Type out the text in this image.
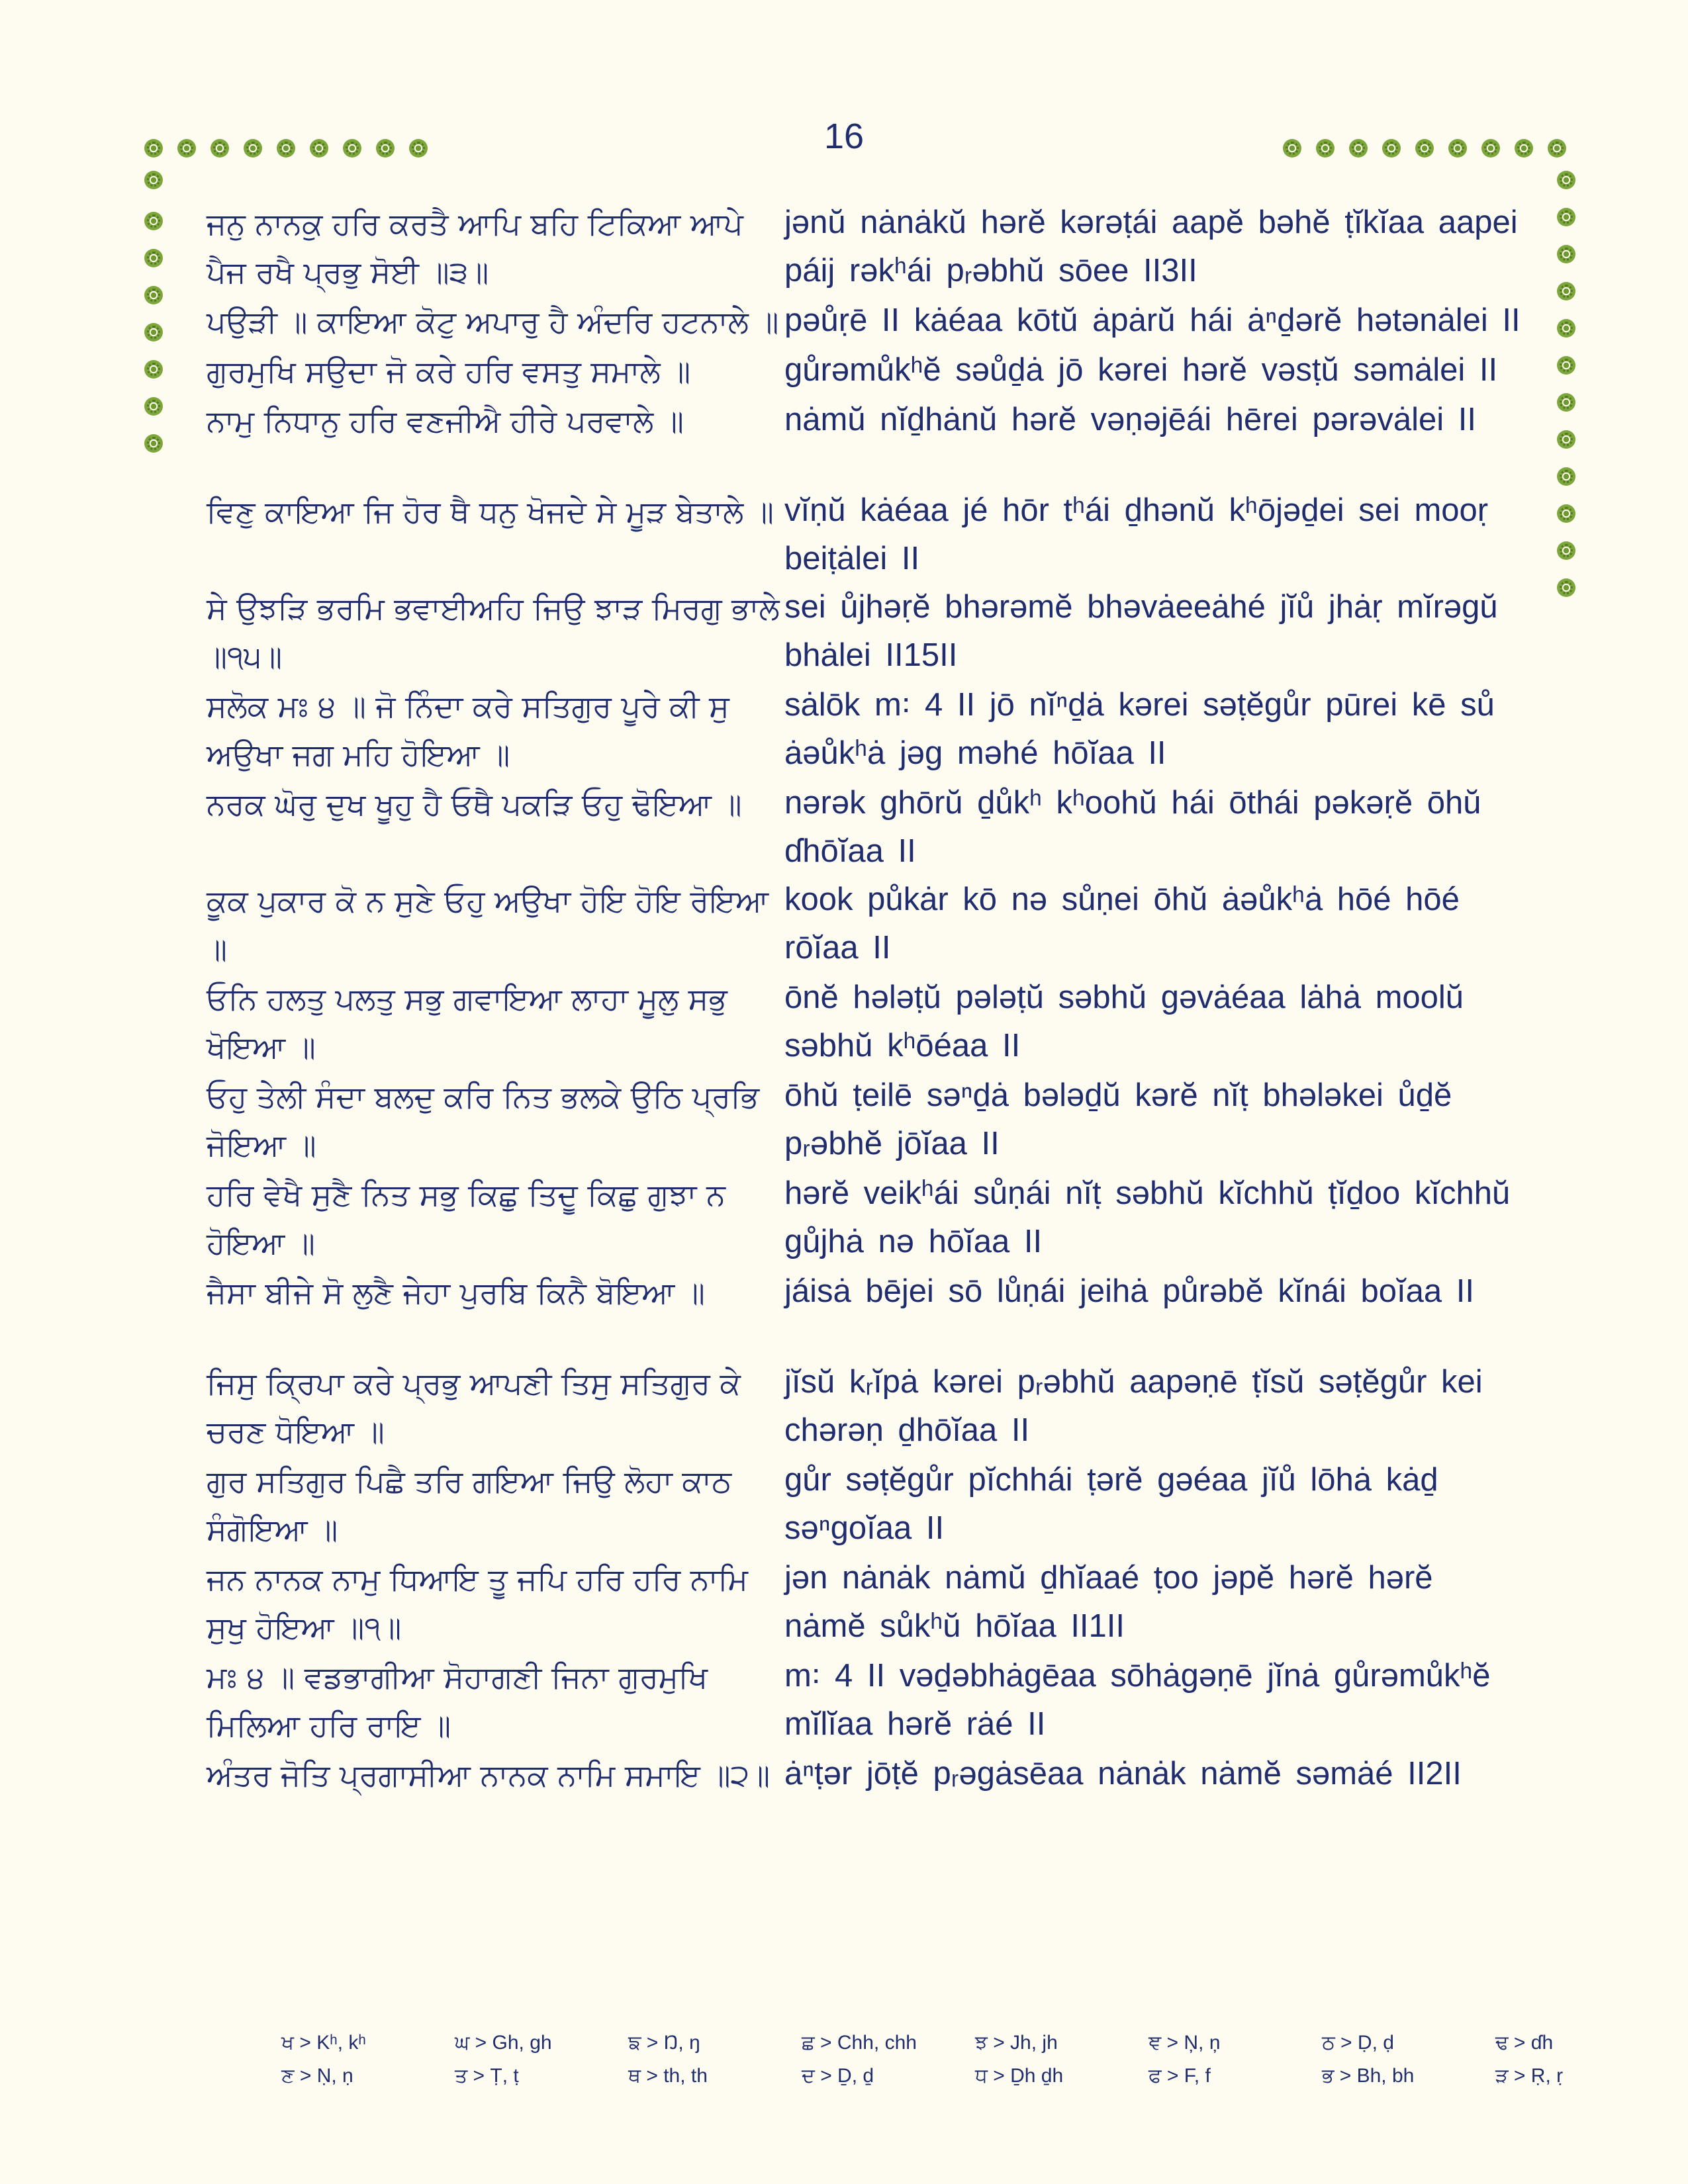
16
ਜਨੁ ਨਾਨਕੁ ਹਰਿ ਕਰਤੈ ਆਪਿ ਬਹਿ ਟਿਕਿਆ ਆਪੇ ਪੈਜ ਰਖੈ ਪ੍ਰਭੁ ਸੋਈ ॥੩॥
jənŭ nȧnȧkŭ hərĕ kərəṭái aapĕ bəhĕ ṭĭkĭaa aapei páij rəkʰái pᵣəbhŭ sōee II3II
ਪਉੜੀ ॥ ਕਾਇਆ ਕੋਟੁ ਅਪਾਰੁ ਹੈ ਅੰਦਰਿ ਹਟਨਾਲੇ ॥ pəůṛē II kȧéaa kōtŭ ȧpȧrŭ hái ȧⁿḏərĕ hətənȧlei II
ਗੁਰਮੁਖਿ ਸਉਦਾ ਜੋ ਕਰੇ ਹਰਿ ਵਸਤੁ ਸਮਾਲੇ ॥	gůrəmůkʰĕ səůḏȧ jō kərei hərĕ vəsṭŭ səmȧlei II
ਨਾਮੁ ਨਿਧਾਨੁ ਹਰਿ ਵਣਜੀਐ ਹੀਰੇ ਪਰਵਾਲੇ ॥	nȧmŭ nĭḏhȧnŭ hərĕ vəṇəjēái hērei pərəvȧlei II
ਵਿਣੁ ਕਾਇਆ ਜਿ ਹੋਰ ਥੈ ਧਨੁ ਖੋਜਦੇ ਸੇ ਮੂੜ ਬੇਤਾਲੇ ॥ vĭṇŭ kȧéaa jé hōr tʰái ḏhənŭ kʰōjəḏei sei mooṛ beiṭȧlei II
ਸੇ ਉਝੜਿ ਭਰਮਿ ਭਵਾਈਅਹਿ ਜਿਉ ਝਾੜ ਮਿਰਗੁ ਭਾਲੇ ॥੧੫॥
sei ůjhəṛĕ bhərəmĕ bhəvȧeeȧhé jĭů jhȧṛ mĭrəgŭ bhȧlei II15II
ਸਲੋਕ ਮਃ ੪ ॥ ਜੋ ਨਿੰਦਾ ਕਰੇ ਸਤਿਗੁਰ ਪੂਰੇ ਕੀ ਸੁ ਅਉਖਾ ਜਗ ਮਹਿ ਹੋਇਆ ॥
sȧlōk m꞉ 4 II jō nĭⁿḏȧ kərei səṭĕgůr pūrei kē sů ȧəůkʰȧ jəg məhé hōĭaa II
ਨਰਕ ਘੋਰੁ ਦੁਖ ਖੂਹੁ ਹੈ ਓਥੈ ਪਕੜਿ ਓਹੁ ਢੋਇਆ ॥	nərək ghōrŭ ḏůkʰ kʰoohŭ hái ōthái pəkəṛĕ ōhŭ ɗhōĭaa II
ਕੂਕ ਪੁਕਾਰ ਕੋ ਨ ਸੁਣੇ ਓਹੁ ਅਉਖਾ ਹੋਇ ਹੋਇ ਰੋਇਆ ॥
kook půkȧr kō nə sůṇei ōhŭ ȧəůkʰȧ hōé hōé rōĭaa II
ਓਨਿ ਹਲਤੁ ਪਲਤੁ ਸਭੁ ਗਵਾਇਆ ਲਾਹਾ ਮੂਲੁ ਸਭੁ ਖੋਇਆ ॥
ōnĕ hələṭŭ pələṭŭ səbhŭ gəvȧéaa lȧhȧ moolŭ səbhŭ kʰōéaa II
ਓਹੁ ਤੇਲੀ ਸੰਦਾ ਬਲਦੁ ਕਰਿ ਨਿਤ ਭਲਕੇ ਉਠਿ ਪ੍ਰਭਿ ਜੋਇਆ ॥
ōhŭ ṭeilē səⁿḏȧ bələḏŭ kərĕ nĭṭ bhələkei ůḏĕ pᵣəbhĕ jōĭaa II
ਹਰਿ ਵੇਖੈ ਸੁਣੈ ਨਿਤ ਸਭੁ ਕਿਛੁ ਤਿਦੂ ਕਿਛੁ ਗੁਝਾ ਨ ਹੋਇਆ ॥
hərĕ veikʰái sůṇái nĭṭ səbhŭ kĭchhŭ ṭĭḏoo kĭchhŭ gůjhȧ nə hōĭaa II
ਜੈਸਾ ਬੀਜੇ ਸੋ ਲੁਣੈ ਜੇਹਾ ਪੁਰਬਿ ਕਿਨੈ ਬੋਇਆ ॥	jáisȧ bējei sō lůṇái jeihȧ půrəbĕ kĭnái boĭaa II
ਜਿਸੁ ਕ੍ਰਿਪਾ ਕਰੇ ਪ੍ਰਭੁ ਆਪਣੀ ਤਿਸੁ ਸਤਿਗੁਰ ਕੇ ਚਰਣ ਧੋਇਆ ॥
jĭsŭ kᵣĭpȧ kərei pᵣəbhŭ aapəṇē ṭĭsŭ səṭĕgůr kei chərəṇ ḏhōĭaa II
ਗੁਰ ਸਤਿਗੁਰ ਪਿਛੈ ਤਰਿ ਗਇਆ ਜਿਉ ਲੋਹਾ ਕਾਠ ਸੰਗੋਇਆ ॥
gůr səṭĕgůr pĭchhái ṭərĕ gəéaa jĭů lōhȧ kȧḏ səⁿgoĭaa II
ਜਨ ਨਾਨਕ ਨਾਮੁ ਧਿਆਇ ਤੂ ਜਪਿ ਹਰਿ ਹਰਿ ਨਾਮਿ ਸੁਖੁ ਹੋਇਆ ॥੧॥
jən nȧnȧk nȧmŭ ḏhĭaaé ṭoo jəpĕ hərĕ hərĕ nȧmĕ sůkʰŭ hōĭaa II1II
ਮਃ ੪ ॥ ਵਡਭਾਗੀਆ ਸੋਹਾਗਣੀ ਜਿਨਾ ਗੁਰਮੁਖਿ ਮਿਲਿਆ ਹਰਿ ਰਾਇ ॥
m꞉ 4 II vəḏəbhȧgēaa sōhȧgəṇē jĭnȧ gůrəmůkʰĕ mĭlĭaa hərĕ rȧé II
ਅੰਤਰ ਜੋਤਿ ਪ੍ਰਗਾਸੀਆ ਨਾਨਕ ਨਾਮਿ ਸਮਾਇ ॥੨॥ ȧⁿṭər jōṭĕ pᵣəgȧsēaa nȧnȧk nȧmĕ səmȧé II2II
ਖ > Kʰ, kʰ	ਘ > Gh, gh	ਙ > Ŋ, ŋ	ਛ > Chh, chh	ਝ > Jh, jh	ਞ > Ņ, ņ	ਠ > Ḍ, ḍ	ਢ > ɗh
ਣ > Ṇ, ṇ	ਤ > Ṭ, ṭ	ਥ > th, th	ਦ > Ḏ, ḏ	ਧ > Ḏh ḏh	ਫ > F, f	ਭ > Bh, bh	ੜ > Ṛ, ṛ
